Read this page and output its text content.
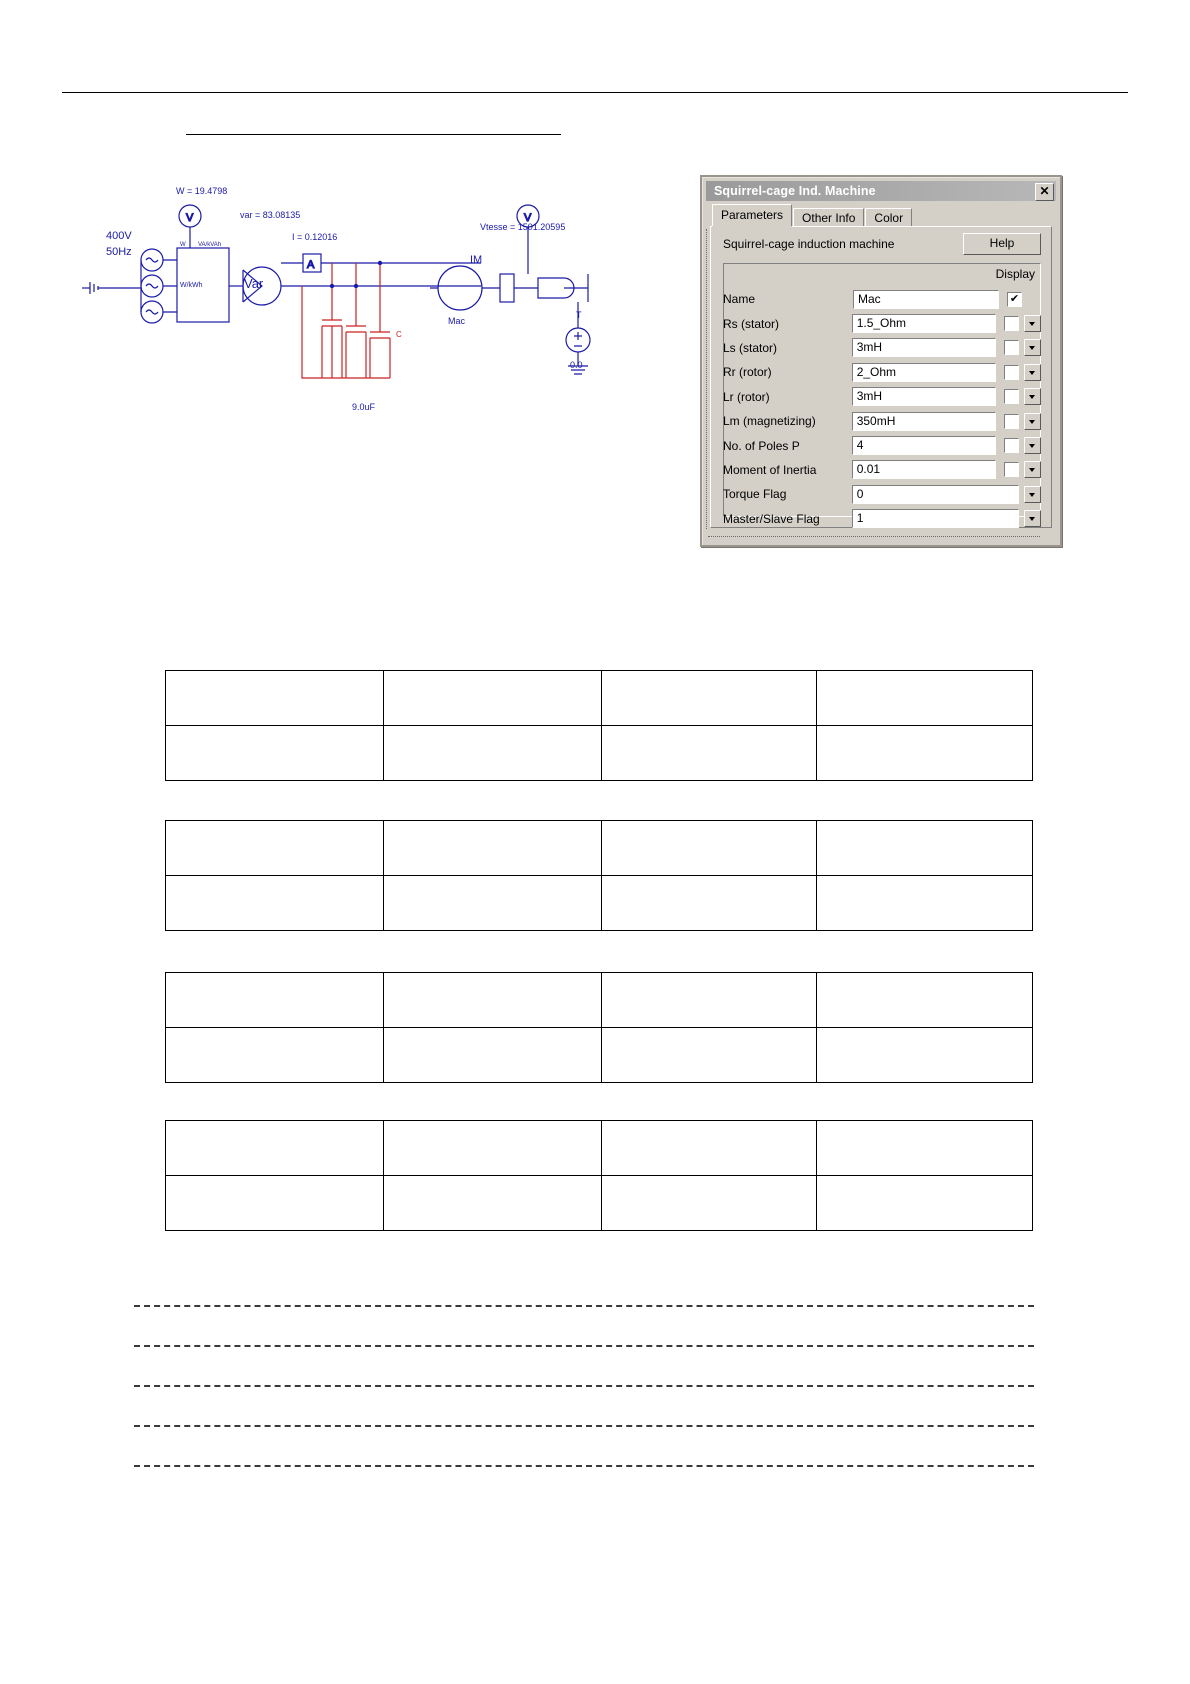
V
A
V
400V
50Hz
W = 19.4798
var = 83.08135
I = 0.12016
Vtesse = 1501.20595
IM
Mac
Var
W/kWh
VA/kVAh
W
C
9.0uF
T
0.0
Squirrel-cage Ind. Machine	✕
Parameters	Other Info	Color
Squirrel-cage induction machine	Help
Display
Name	Mac	✔
Rs (stator)	1.5_Ohm
Ls (stator)	3mH
Rr (rotor)	2_Ohm
Lr (rotor)	3mH
Lm (magnetizing)	350mH
No. of Poles P	4
Moment of Inertia	0.01
Torque Flag	0
Master/Slave Flag	1
